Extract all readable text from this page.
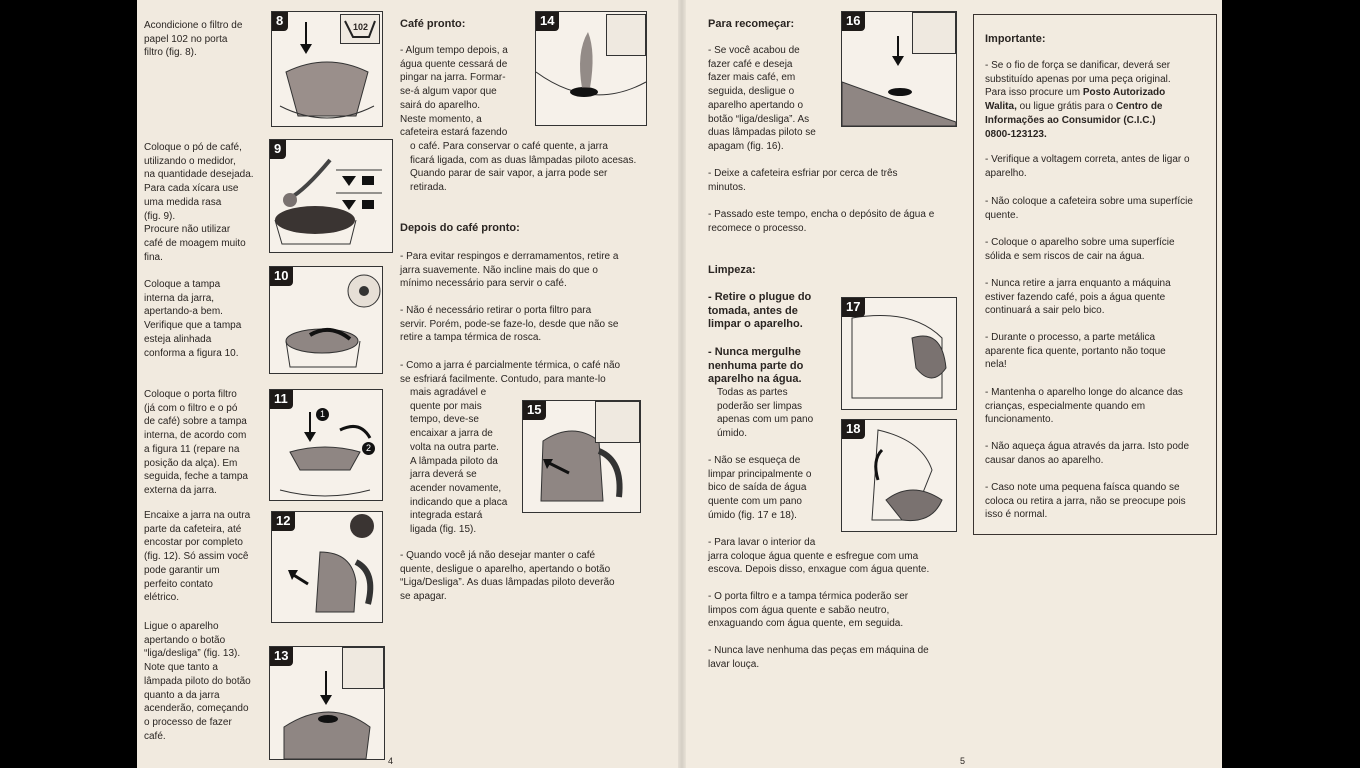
Acondicione o filtro de

papel 102 no porta

filtro (fig. 8).

Coloque o pó de café,

utilizando o medidor,

na quantidade desejada.

Para cada xícara use

uma medida rasa

(fig. 9).

Procure não utilizar

café de moagem muito

fina.

Coloque a tampa

interna da jarra,

apertando-a bem.

Verifique que a tampa

esteja alinhada

conforma a figura 10.

Coloque o porta filtro

(já com o filtro e o pó

de café) sobre a tampa

interna, de acordo com

a figura 11 (repare na

posição da alça). Em

seguida, feche a tampa

externa da jarra.

Encaixe a jarra na outra

parte da cafeteira, até

encostar por completo

(fig. 12). Só assim você

pode garantir um

perfeito contato

elétrico.

Ligue o aparelho

apertando o botão

“liga/desliga” (fig. 13).

Note que tanto a

lâmpada piloto do botão

quanto a da jarra

acenderão, começando

o processo de fazer

café.

8	102
9
10
11
1
2
12
13
Café pronto:

- Algum tempo depois, a

água quente cessará de

pingar na jarra. Formar-

se-á algum vapor que

sairá do aparelho.

Neste momento, a

cafeteira estará fazendo

o café. Para conservar o café quente, a jarra

ficará ligada, com as duas lâmpadas piloto acesas.

Quando parar de sair vapor, a jarra pode ser

retirada.

14
Depois do café pronto:

- Para evitar respingos e derramamentos, retire a

jarra suavemente. Não incline mais do que o

mínimo necessário para servir o café.

- Não é necessário retirar o porta filtro para

servir. Porém, pode-se faze-lo, desde que não se

retire a tampa térmica de rosca.

- Como a jarra é parcialmente térmica, o café não

se esfriará facilmente. Contudo, para mante-lo

mais agradável e

quente por mais

tempo, deve-se

encaixar a jarra de

volta na outra parte.

A lâmpada piloto da

jarra deverá se

acender novamente,

indicando que a placa

integrada estará

ligada (fig. 15).

- Quando você já não desejar manter o café

quente, desligue o aparelho, apertando o botão

“Liga/Desliga”. As duas lâmpadas piloto deverão

se apagar.

15
4
Para recomeçar:

- Se você acabou de

fazer café e deseja

fazer mais café, em

seguida, desligue o

aparelho apertando o

botão “liga/desliga”. As

duas lâmpadas piloto se

apagam (fig. 16).

- Deixe a cafeteira esfriar por cerca de três

minutos.

- Passado este tempo, encha o depósito de água e

recomece o processo.

16
Limpeza:

- Retire o plugue do

tomada, antes de

limpar o aparelho.

- Nunca mergulhe

nenhuma parte do

aparelho na água.

Todas as partes

poderão ser limpas

apenas com um pano

úmido.

- Não se esqueça de

limpar principalmente o

bico de saída de água

quente com um pano

úmido (fig. 17 e 18).

- Para lavar o interior da

jarra coloque água quente e esfregue com uma

escova. Depois disso, enxague com água quente.

- O porta filtro e a tampa térmica poderão ser

limpos com água quente e sabão neutro,

enxaguando com água quente, em seguida.

- Nunca lave nenhuma das peças em máquina de

lavar louça.

17
18
Importante:
- Se o fio de força se danificar, deverá ser
substituído apenas por uma peça original.
Para isso procure um Posto Autorizado
Walita, ou ligue grátis para o Centro de
Informações ao Consumidor (C.I.C.)
0800-123123.
5

- Verifique a voltagem correta, antes de ligar o

aparelho.

- Não coloque a cafeteira sobre uma superfície

quente.

- Coloque o aparelho sobre uma superfície

sólida e sem riscos de cair na água.

- Nunca retire a jarra enquanto a máquina

estiver fazendo café, pois a água quente

continuará a sair pelo bico.

- Durante o processo, a parte metálica

aparente fica quente, portanto não toque

nela!

- Mantenha o aparelho longe do alcance das

crianças, especialmente quando em

funcionamento.

- Não aqueça água através da jarra. Isto pode

causar danos ao aparelho.

- Caso note uma pequena faísca quando se

coloca ou retira a jarra, não se preocupe pois

isso é normal.
